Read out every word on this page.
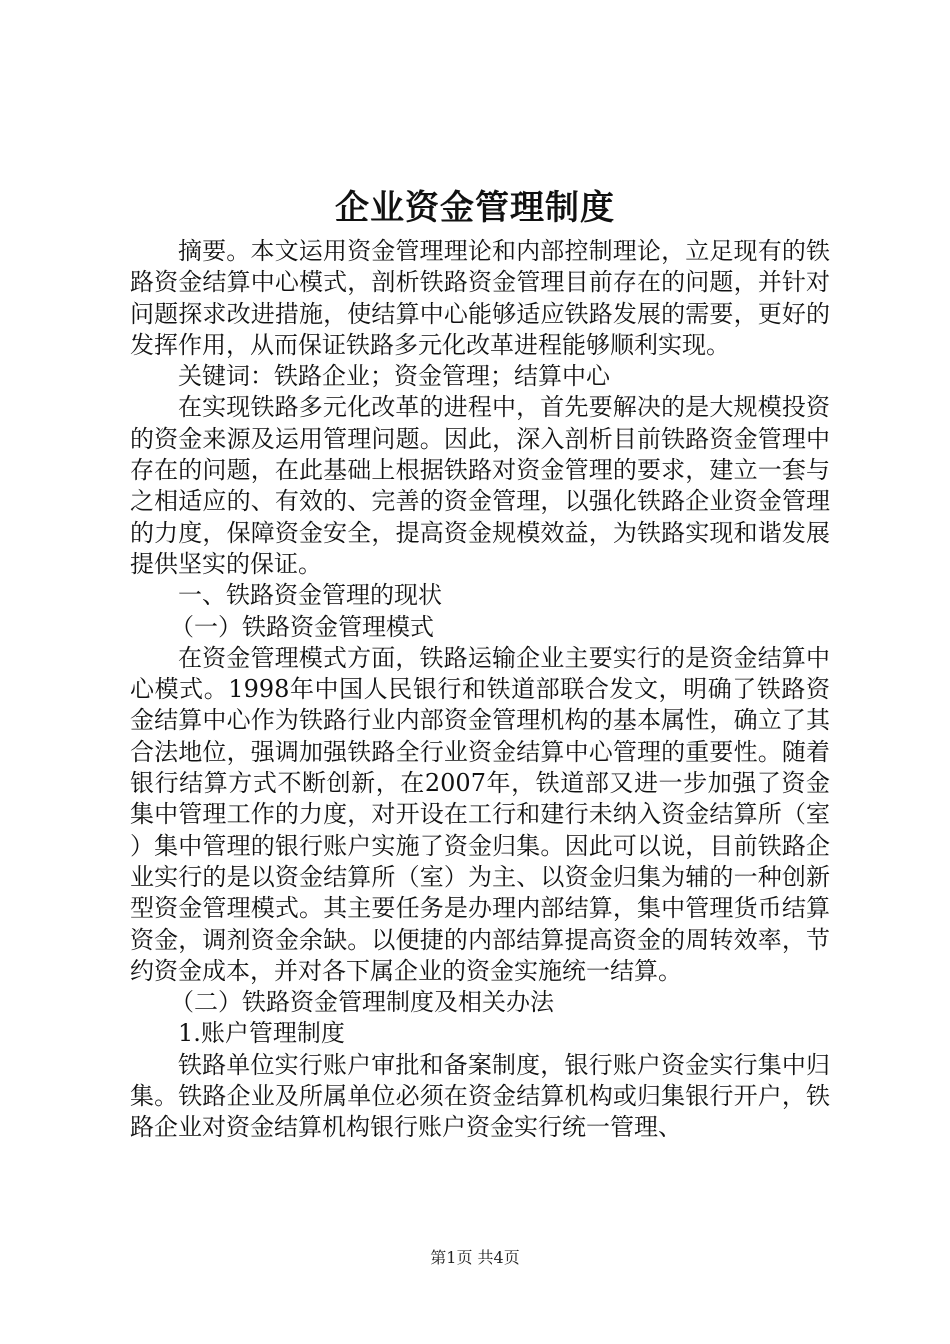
企业资金管理制度

摘要。本文运用资金管理理论和内部控制理论，立足现有的铁路资金结算中心模式，剖析铁路资金管理目前存在的问题，并针对问题探求改进措施，使结算中心能够适应铁路发展的需要，更好的发挥作用，从而保证铁路多元化改革进程能够顺利实现。

关键词：铁路企业；资金管理；结算中心

在实现铁路多元化改革的进程中，首先要解决的是大规模投资的资金来源及运用管理问题。因此，深入剖析目前铁路资金管理中存在的问题，在此基础上根据铁路对资金管理的要求，建立一套与之相适应的、有效的、完善的资金管理，以强化铁路企业资金管理的力度，保障资金安全，提高资金规模效益，为铁路实现和谐发展提供坚实的保证。

一、铁路资金管理的现状

（一）铁路资金管理模式

在资金管理模式方面，铁路运输企业主要实行的是资金结算中心模式。1998年中国人民银行和铁道部联合发文，明确了铁路资金结算中心作为铁路行业内部资金管理机构的基本属性，确立了其合法地位，强调加强铁路全行业资金结算中心管理的重要性。随着银行结算方式不断创新，在2007年，铁道部又进一步加强了资金集中管理工作的力度，对开设在工行和建行未纳入资金结算所（室）集中管理的银行账户实施了资金归集。因此可以说，目前铁路企业实行的是以资金结算所（室）为主、以资金归集为辅的一种创新型资金管理模式。其主要任务是办理内部结算，集中管理货币结算资金，调剂资金余缺。以便捷的内部结算提高资金的周转效率，节约资金成本，并对各下属企业的资金实施统一结算。

（二）铁路资金管理制度及相关办法

1.账户管理制度

铁路单位实行账户审批和备案制度，银行账户资金实行集中归集。铁路企业及所属单位必须在资金结算机构或归集银行开户，铁路企业对资金结算机构银行账户资金实行统一管理、

第1页 共4页
